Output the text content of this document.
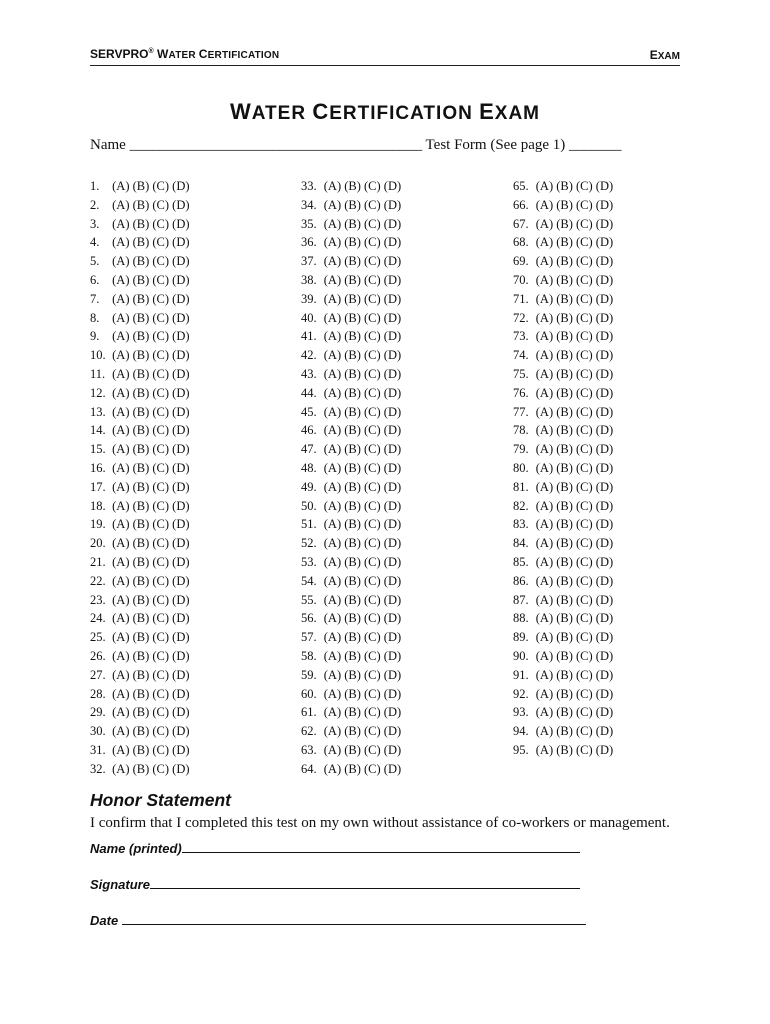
SERVPRO® WATER CERTIFICATION	EXAM
WATER CERTIFICATION EXAM
Name _______________________________________ Test Form (See page 1) _______
1. (A) (B) (C) (D)
2. (A) (B) (C) (D)
3. (A) (B) (C) (D)
4. (A) (B) (C) (D)
5. (A) (B) (C) (D)
6. (A) (B) (C) (D)
7. (A) (B) (C) (D)
8. (A) (B) (C) (D)
9. (A) (B) (C) (D)
10. (A) (B) (C) (D)
11. (A) (B) (C) (D)
12. (A) (B) (C) (D)
13. (A) (B) (C) (D)
14. (A) (B) (C) (D)
15. (A) (B) (C) (D)
16. (A) (B) (C) (D)
17. (A) (B) (C) (D)
18. (A) (B) (C) (D)
19. (A) (B) (C) (D)
20. (A) (B) (C) (D)
21. (A) (B) (C) (D)
22. (A) (B) (C) (D)
23. (A) (B) (C) (D)
24. (A) (B) (C) (D)
25. (A) (B) (C) (D)
26. (A) (B) (C) (D)
27. (A) (B) (C) (D)
28. (A) (B) (C) (D)
29. (A) (B) (C) (D)
30. (A) (B) (C) (D)
31. (A) (B) (C) (D)
32. (A) (B) (C) (D)
33. (A) (B) (C) (D)
34. (A) (B) (C) (D)
35. (A) (B) (C) (D)
36. (A) (B) (C) (D)
37. (A) (B) (C) (D)
38. (A) (B) (C) (D)
39. (A) (B) (C) (D)
40. (A) (B) (C) (D)
41. (A) (B) (C) (D)
42. (A) (B) (C) (D)
43. (A) (B) (C) (D)
44. (A) (B) (C) (D)
45. (A) (B) (C) (D)
46. (A) (B) (C) (D)
47. (A) (B) (C) (D)
48. (A) (B) (C) (D)
49. (A) (B) (C) (D)
50. (A) (B) (C) (D)
51. (A) (B) (C) (D)
52. (A) (B) (C) (D)
53. (A) (B) (C) (D)
54. (A) (B) (C) (D)
55. (A) (B) (C) (D)
56. (A) (B) (C) (D)
57. (A) (B) (C) (D)
58. (A) (B) (C) (D)
59. (A) (B) (C) (D)
60. (A) (B) (C) (D)
61. (A) (B) (C) (D)
62. (A) (B) (C) (D)
63. (A) (B) (C) (D)
64. (A) (B) (C) (D)
65. (A) (B) (C) (D)
66. (A) (B) (C) (D)
67. (A) (B) (C) (D)
68. (A) (B) (C) (D)
69. (A) (B) (C) (D)
70. (A) (B) (C) (D)
71. (A) (B) (C) (D)
72. (A) (B) (C) (D)
73. (A) (B) (C) (D)
74. (A) (B) (C) (D)
75. (A) (B) (C) (D)
76. (A) (B) (C) (D)
77. (A) (B) (C) (D)
78. (A) (B) (C) (D)
79. (A) (B) (C) (D)
80. (A) (B) (C) (D)
81. (A) (B) (C) (D)
82. (A) (B) (C) (D)
83. (A) (B) (C) (D)
84. (A) (B) (C) (D)
85. (A) (B) (C) (D)
86. (A) (B) (C) (D)
87. (A) (B) (C) (D)
88. (A) (B) (C) (D)
89. (A) (B) (C) (D)
90. (A) (B) (C) (D)
91. (A) (B) (C) (D)
92. (A) (B) (C) (D)
93. (A) (B) (C) (D)
94. (A) (B) (C) (D)
95. (A) (B) (C) (D)
Honor Statement
I confirm that I completed this test on my own without assistance of co-workers or management.
Name (printed)
Signature
Date
